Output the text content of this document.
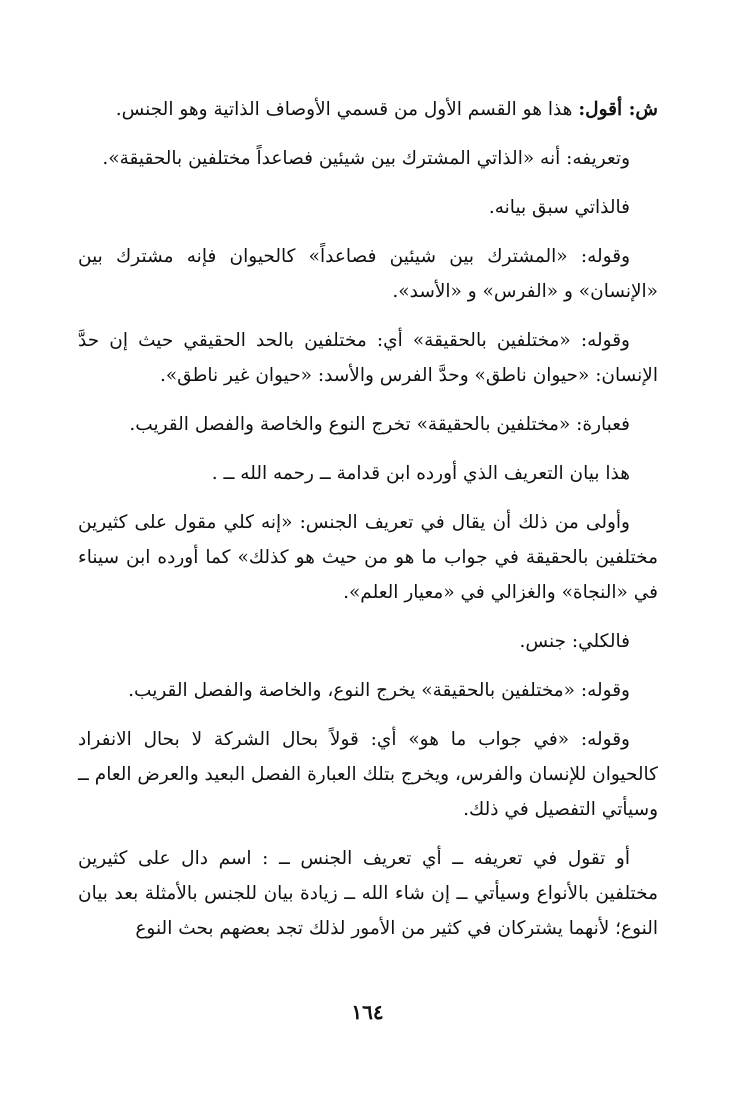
ش: أقول: هذا هو القسم الأول من قسمي الأوصاف الذاتية وهو الجنس.

وتعريفه: أنه «الذاتي المشترك بين شيئين فصاعداً مختلفين بالحقيقة».

فالذاتي سبق بيانه.

وقوله: «المشترك بين شيئين فصاعداً» كالحيوان فإنه مشترك بين «الإنسان» و «الفرس» و «الأسد».

وقوله: «مختلفين بالحقيقة» أي: مختلفين بالحد الحقيقي حيث إن حدَّ الإنسان: «حيوان ناطق» وحدَّ الفرس والأسد: «حيوان غير ناطق».

فعبارة: «مختلفين بالحقيقة» تخرج النوع والخاصة والفصل القريب.

هذا بيان التعريف الذي أورده ابن قدامة ــ رحمه الله ــ .

وأولى من ذلك أن يقال في تعريف الجنس: «إنه كلي مقول على كثيرين مختلفين بالحقيقة في جواب ما هو من حيث هو كذلك» كما أورده ابن سيناء في «النجاة» والغزالي في «معيار العلم».

فالكلي: جنس.

وقوله: «مختلفين بالحقيقة» يخرج النوع، والخاصة والفصل القريب.

وقوله: «في جواب ما هو» أي: قولاً بحال الشركة لا بحال الانفراد كالحيوان للإنسان والفرس، ويخرج بتلك العبارة الفصل البعيد والعرض العام ــ وسيأتي التفصيل في ذلك.

أو تقول في تعريفه ــ أي تعريف الجنس ــ : اسم دال على كثيرين مختلفين بالأنواع وسيأتي ــ إن شاء الله ــ زيادة بيان للجنس بالأمثلة بعد بيان النوع؛ لأنهما يشتركان في كثير من الأمور لذلك تجد بعضهم بحث النوع

١٦٤
